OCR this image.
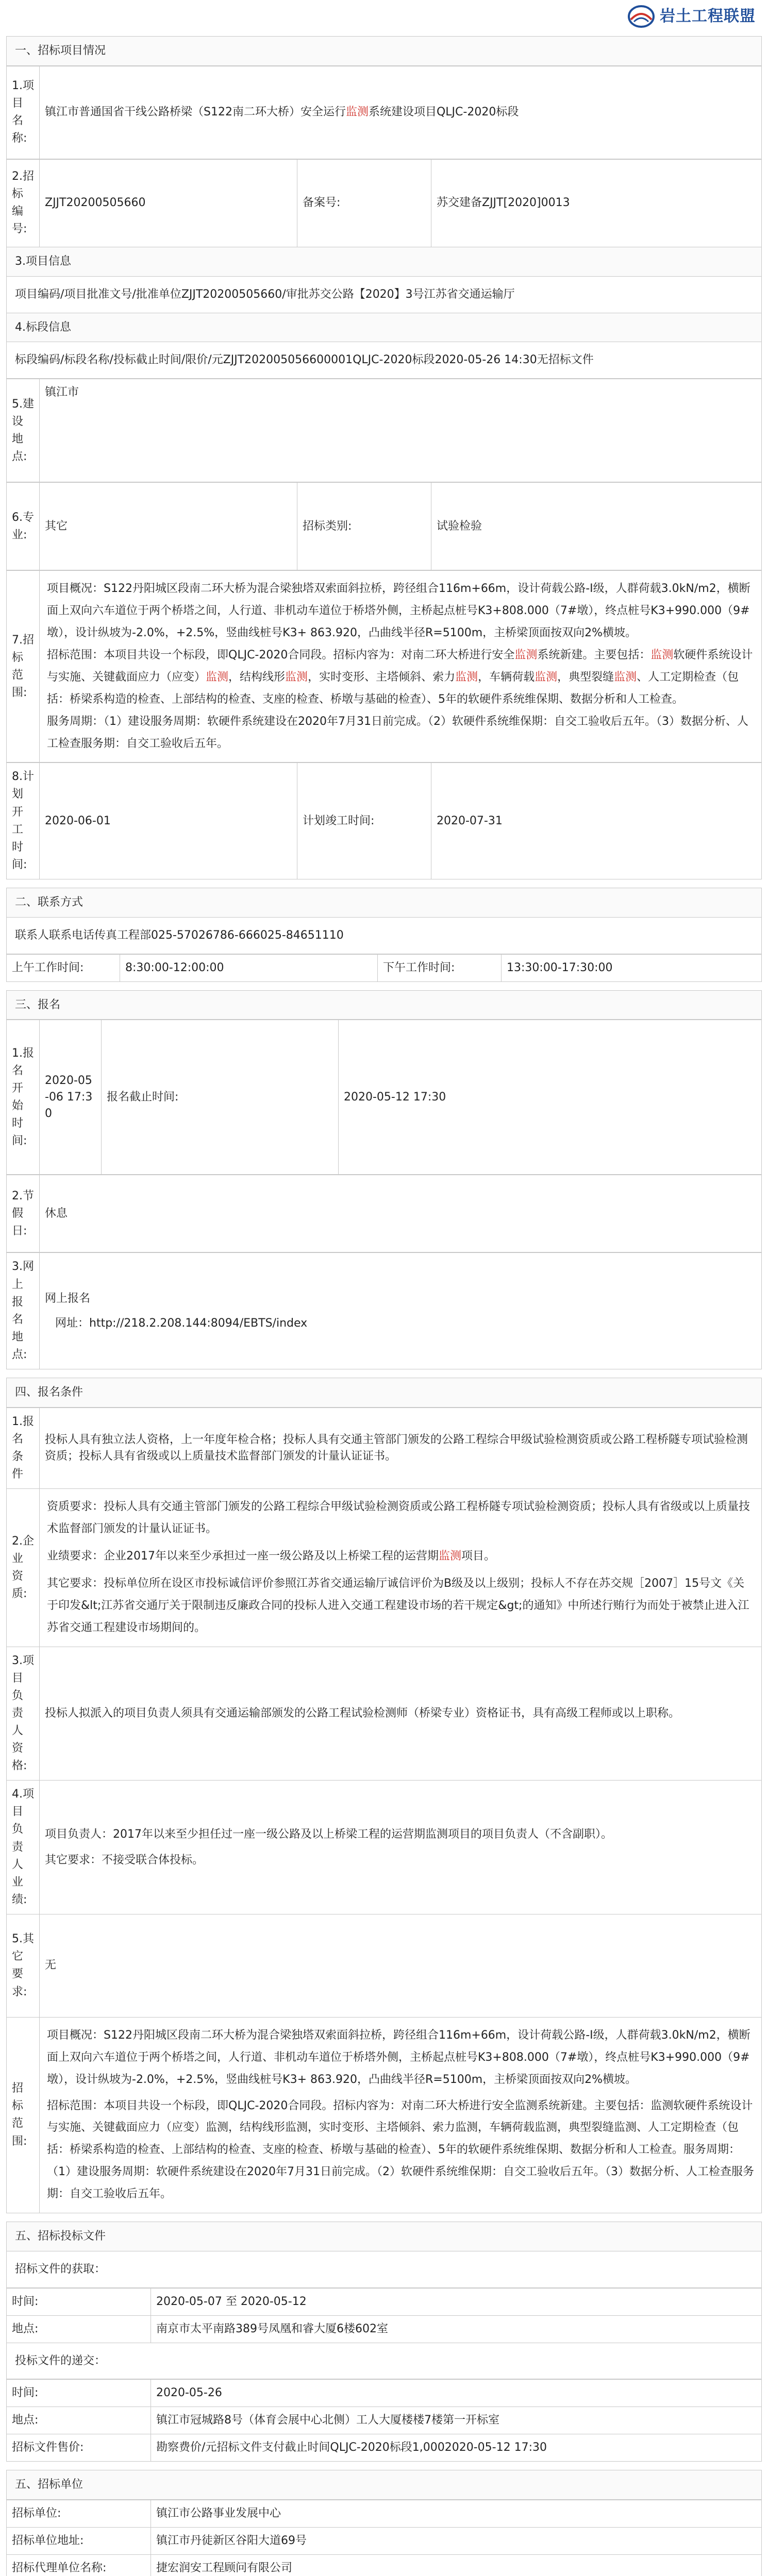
岩土工程联盟
一、招标项目情况
1.项目名称:	镇江市普通国省干线公路桥梁（S122南二环大桥）安全运行监测系统建设项目QLJC-2020标段
2.招标编号:	ZJJT20200505660	备案号:	苏交建备ZJJT[2020]0013
3.项目信息
项目编码/项目批准文号/批准单位ZJJT20200505660/审批苏交公路【2020】3号江苏省交通运输厅
4.标段信息
标段编码/标段名称/投标截止时间/限价/元ZJJT202005056600001QLJC-2020标段2020-05-26 14:30无招标文件
5.建设地点:	镇江市
6.专业:	其它	招标类别:	试验检验
7.招标范围:	

项目概况：S122丹阳城区段南二环大桥为混合梁独塔双索面斜拉桥，跨径组合116m+66m，设计荷载公路-I级，人群荷载3.0kN/m2，横断面上双向六车道位于两个桥塔之间，人行道、非机动车道位于桥塔外侧，主桥起点桩号K3+808.000（7#墩），终点桩号K3+990.000（9#墩），设计纵坡为-2.0%，+2.5%，竖曲线桩号K3+ 863.920，凸曲线半径R=5100m，主桥梁顶面按双向2%横坡。

招标范围：本项目共设一个标段，即QLJC-2020合同段。招标内容为：对南二环大桥进行安全监测系统新建。主要包括：监测软硬件系统设计与实施、关键截面应力（应变）监测，结构线形监测，实时变形、主塔倾斜、索力监测，车辆荷载监测，典型裂缝监测、人工定期检查（包括：桥梁系构造的检查、上部结构的检查、支座的检查、桥墩与基础的检查）、5年的软硬件系统维保期、数据分析和人工检查。

服务周期：（1）建设服务周期：软硬件系统建设在2020年7月31日前完成。（2）软硬件系统维保期：自交工验收后五年。（3）数据分析、人工检查服务期：自交工验收后五年。

8.计划开工时间:	2020-06-01	计划竣工时间:	2020-07-31
二、联系方式
联系人联系电话传真工程部025-57026786-666025-84651110
上午工作时间:	8:30:00-12:00:00	下午工作时间:	13:30:00-17:30:00
三、报名
1.报名开始时间:	2020-05-06 17:30	报名截止时间:	2020-05-12 17:30
2.节假日:	休息
3.网上报名地点:	

网上报名

网址：http://218.2.208.144:8094/EBTS/index

四、报名条件
1.报名条件	投标人具有独立法人资格，上一年度年检合格；投标人具有交通主管部门颁发的公路工程综合甲级试验检测资质或公路工程桥隧专项试验检测资质；投标人具有省级或以上质量技术监督部门颁发的计量认证证书。
2.企业资质:	资质要求：投标人具有交通主管部门颁发的公路工程综合甲级试验检测资质或公路工程桥隧专项试验检测资质；投标人具有省级或以上质量技术监督部门颁发的计量认证证书。

业绩要求：企业2017年以来至少承担过一座一级公路及以上桥梁工程的运营期监测项目。

其它要求：投标单位所在设区市投标诚信评价参照江苏省交通运输厅诚信评价为B级及以上级别；投标人不存在苏交规［2007］15号文《关于印发&lt;江苏省交通厅关于限制违反廉政合同的投标人进入交通工程建设市场的若干规定&gt;的通知》中所述行贿行为而处于被禁止进入江苏省交通工程建设市场期间的。

3.项目负责人资格:	投标人拟派入的项目负责人须具有交通运输部颁发的公路工程试验检测师（桥梁专业）资格证书，具有高级工程师或以上职称。
4.项目负责人业绩:	项目负责人：2017年以来至少担任过一座一级公路及以上桥梁工程的运营期监测项目的项目负责人（不含副职）。

其它要求：不接受联合体投标。

5.其它要求:	无
招标范围:	项目概况：S122丹阳城区段南二环大桥为混合梁独塔双索面斜拉桥，跨径组合116m+66m，设计荷载公路-I级，人群荷载3.0kN/m2，横断面上双向六车道位于两个桥塔之间，人行道、非机动车道位于桥塔外侧，主桥起点桩号K3+808.000（7#墩），终点桩号K3+990.000（9#墩），设计纵坡为-2.0%，+2.5%，竖曲线桩号K3+ 863.920，凸曲线半径R=5100m，主桥梁顶面按双向2%横坡。

招标范围：本项目共设一个标段，即QLJC-2020合同段。招标内容为：对南二环大桥进行安全监测系统新建。主要包括：监测软硬件系统设计与实施、关键截面应力（应变）监测，结构线形监测，实时变形、主塔倾斜、索力监测，车辆荷载监测，典型裂缝监测、人工定期检查（包括：桥梁系构造的检查、上部结构的检查、支座的检查、桥墩与基础的检查）、5年的软硬件系统维保期、数据分析和人工检查。服务周期：（1）建设服务周期：软硬件系统建设在2020年7月31日前完成。（2）软硬件系统维保期：自交工验收后五年。（3）数据分析、人工检查服务期：自交工验收后五年。

五、招标投标文件
招标文件的获取：
时间:	2020-05-07 至 2020-05-12
地点:	南京市太平南路389号凤凰和睿大厦6楼602室
投标文件的递交：
时间:	2020-05-26
地点:	镇江市冠城路8号（体育会展中心北侧）工人大厦楼楼7楼第一开标室
招标文件售价:	勘察费价/元招标文件支付截止时间QLJC-2020标段1,0002020-05-12 17:30
五、招标单位
招标单位:	镇江市公路事业发展中心
招标单位地址:	镇江市丹徒新区谷阳大道69号
招标代理单位名称:	捷宏润安工程顾问有限公司
